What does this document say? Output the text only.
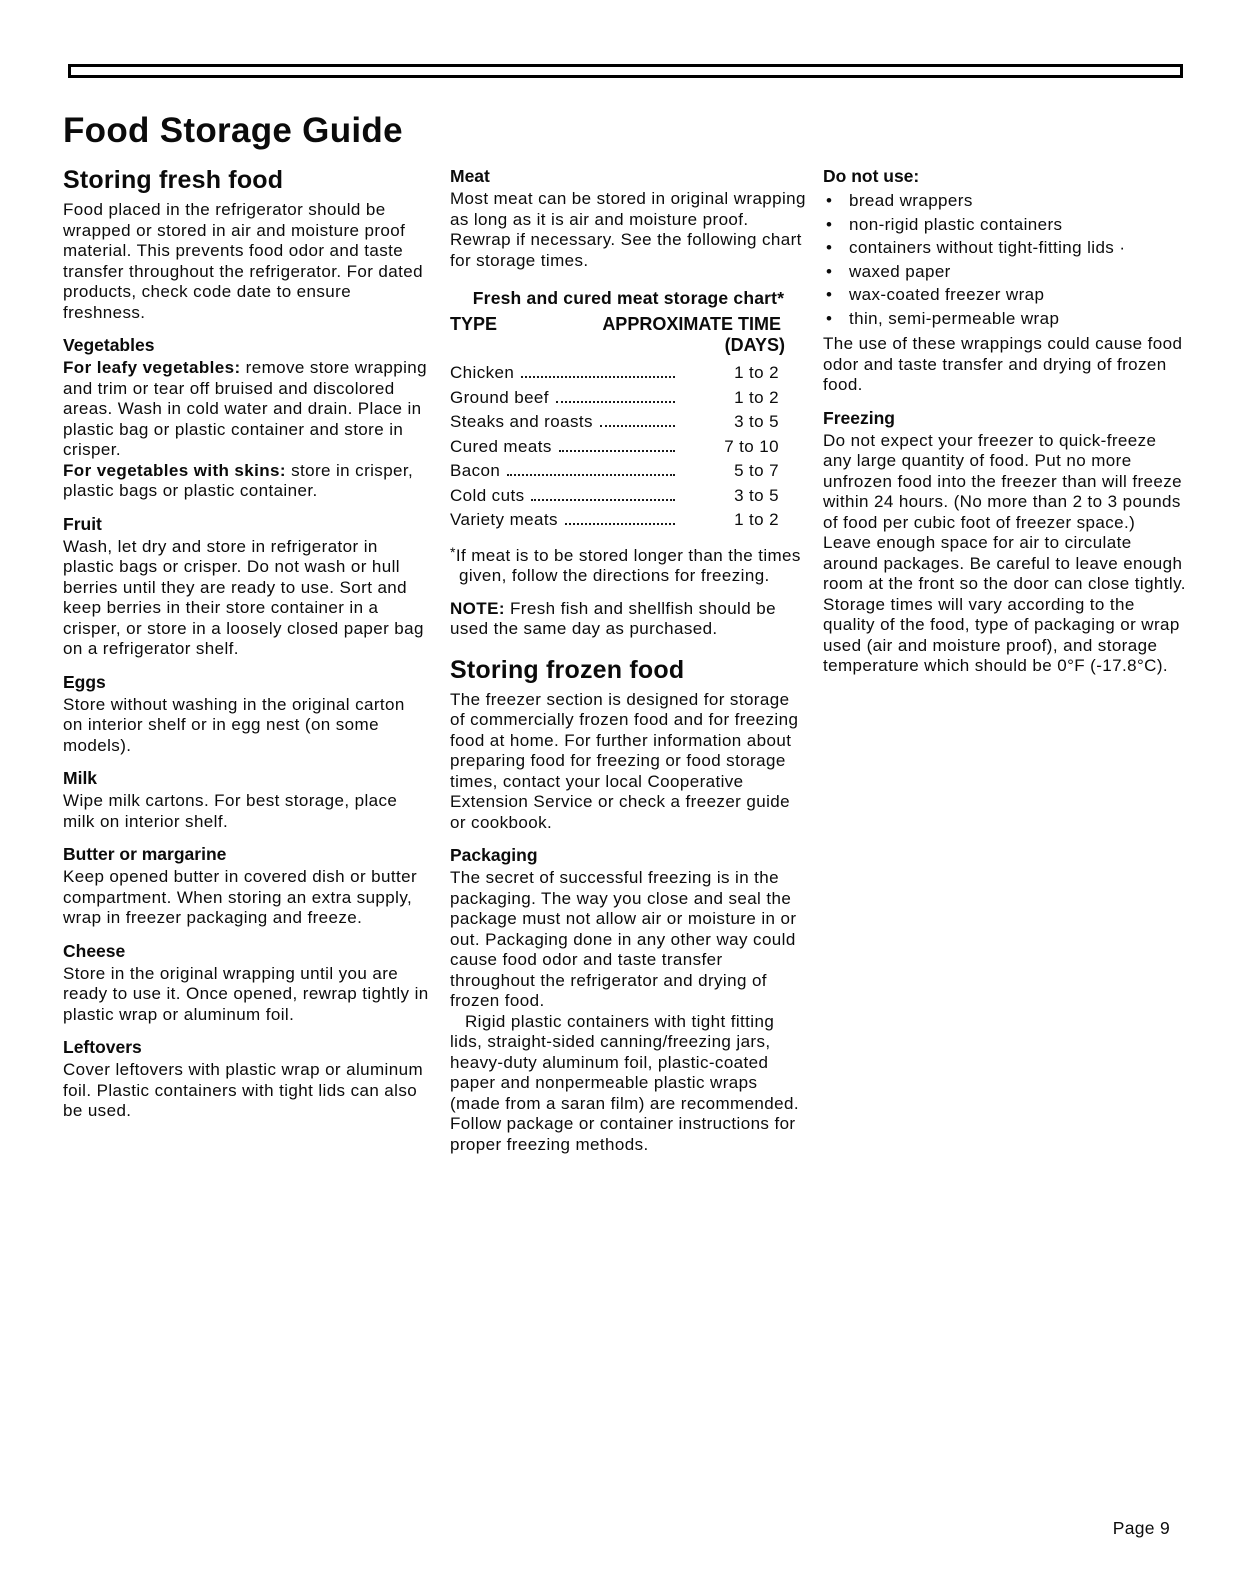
Food Storage Guide
Storing fresh food

Food placed in the refrigerator should be wrapped or stored in air and moisture proof material. This prevents food odor and taste transfer throughout the refrigerator. For dated products, check code date to ensure freshness.

Vegetables

For leafy vegetables: remove store wrapping and trim or tear off bruised and discolored areas. Wash in cold water and drain. Place in plastic bag or plastic container and store in crisper.

For vegetables with skins: store in crisper, plastic bags or plastic container.

Fruit

Wash, let dry and store in refrigerator in plastic bags or crisper. Do not wash or hull berries until they are ready to use. Sort and keep berries in their store container in a crisper, or store in a loosely closed paper bag on a refrigerator shelf.

Eggs

Store without washing in the original carton on interior shelf or in egg nest (on some models).

Milk

Wipe milk cartons. For best storage, place milk on interior shelf.

Butter or margarine

Keep opened butter in covered dish or butter compartment. When storing an extra supply, wrap in freezer packaging and freeze.

Cheese

Store in the original wrapping until you are ready to use it. Once opened, rewrap tightly in plastic wrap or aluminum foil.

Leftovers

Cover leftovers with plastic wrap or aluminum foil. Plastic containers with tight lids can also be used.

Meat

Most meat can be stored in original wrapping as long as it is air and moisture proof. Rewrap if necessary. See the following chart for storage times.

Fresh and cured meat storage chart*
TYPE	APPROXIMATE TIME
(DAYS)
Chicken	1 to 2
Ground beef	1 to 2
Steaks and roasts	3 to 5
Cured meats	7 to 10
Bacon	5 to 7
Cold cuts	3 to 5
Variety meats	1 to 2

*If meat is to be stored longer than the times given, follow the directions for freezing.

NOTE: Fresh fish and shellfish should be used the same day as purchased.

Storing frozen food

The freezer section is designed for storage of commercially frozen food and for freezing food at home. For further information about preparing food for freezing or food storage times, contact your local Cooperative Extension Service or check a freezer guide or cookbook.

Packaging

The secret of successful freezing is in the packaging. The way you close and seal the package must not allow air or moisture in or out. Packaging done in any other way could cause food odor and taste transfer throughout the refrigerator and drying of frozen food.

Rigid plastic containers with tight fitting lids, straight-sided canning/freezing jars, heavy-duty aluminum foil, plastic-coated paper and nonpermeable plastic wraps (made from a saran film) are recommended. Follow package or container instructions for proper freezing methods.

Do not use:
• bread wrappers
• non-rigid plastic containers
• containers without tight-fitting lids ·
• waxed paper
• wax-coated freezer wrap
• thin, semi-permeable wrap

The use of these wrappings could cause food odor and taste transfer and drying of frozen food.

Freezing

Do not expect your freezer to quick-freeze any large quantity of food. Put no more unfrozen food into the freezer than will freeze within 24 hours. (No more than 2 to 3 pounds of food per cubic foot of freezer space.) Leave enough space for air to circulate around packages. Be careful to leave enough room at the front so the door can close tightly. Storage times will vary according to the quality of the food, type of packaging or wrap used (air and moisture proof), and storage temperature which should be 0°F (-17.8°C).

Page 9
